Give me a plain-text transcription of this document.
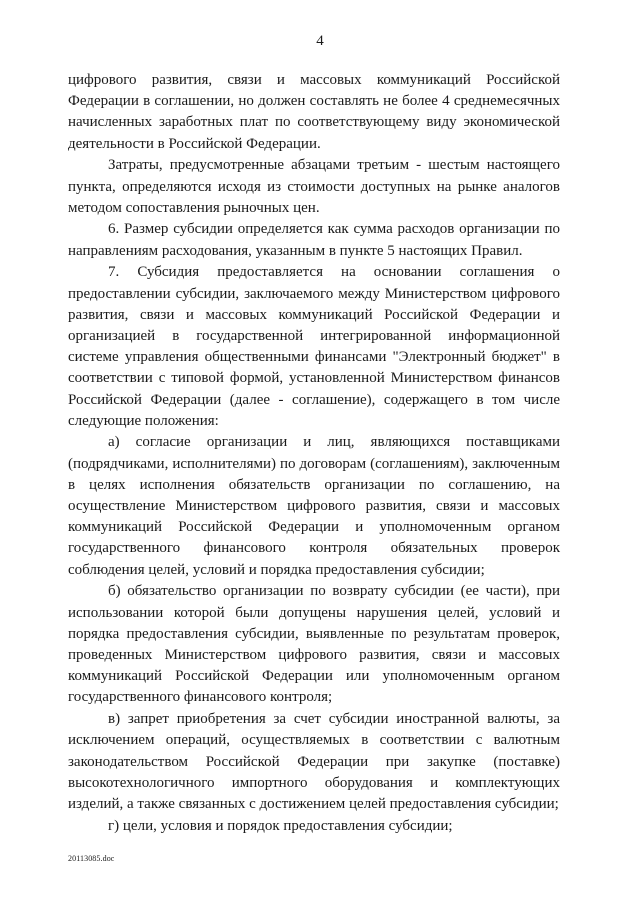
4

цифрового развития, связи и массовых коммуникаций Российской Федерации в соглашении, но должен составлять не более 4 среднемесячных начисленных заработных плат по соответствующему виду экономической деятельности в Российской Федерации.

Затраты, предусмотренные абзацами третьим - шестым настоящего пункта, определяются исходя из стоимости доступных на рынке аналогов методом сопоставления рыночных цен.

6. Размер субсидии определяется как сумма расходов организации по направлениям расходования, указанным в пункте 5 настоящих Правил.

7. Субсидия предоставляется на основании соглашения о предоставлении субсидии, заключаемого между Министерством цифрового развития, связи и массовых коммуникаций Российской Федерации и организацией в государственной интегрированной информационной системе управления общественными финансами "Электронный бюджет" в соответствии с типовой формой, установленной Министерством финансов Российской Федерации (далее - соглашение), содержащего в том числе следующие положения:

а) согласие организации и лиц, являющихся поставщиками (подрядчиками, исполнителями) по договорам (соглашениям), заключенным в целях исполнения обязательств организации по соглашению, на осуществление Министерством цифрового развития, связи и массовых коммуникаций Российской Федерации и уполномоченным органом государственного финансового контроля обязательных проверок соблюдения целей, условий и порядка предоставления субсидии;

б) обязательство организации по возврату субсидии (ее части), при использовании которой были допущены нарушения целей, условий и порядка предоставления субсидии, выявленные по результатам проверок, проведенных Министерством цифрового развития, связи и массовых коммуникаций Российской Федерации или уполномоченным органом государственного финансового контроля;

в) запрет приобретения за счет субсидии иностранной валюты, за исключением операций, осуществляемых в соответствии с валютным законодательством Российской Федерации при закупке (поставке) высокотехнологичного импортного оборудования и комплектующих изделий, а также связанных с достижением целей предоставления субсидии;

г) цели, условия и порядок предоставления субсидии;

20113085.doc
